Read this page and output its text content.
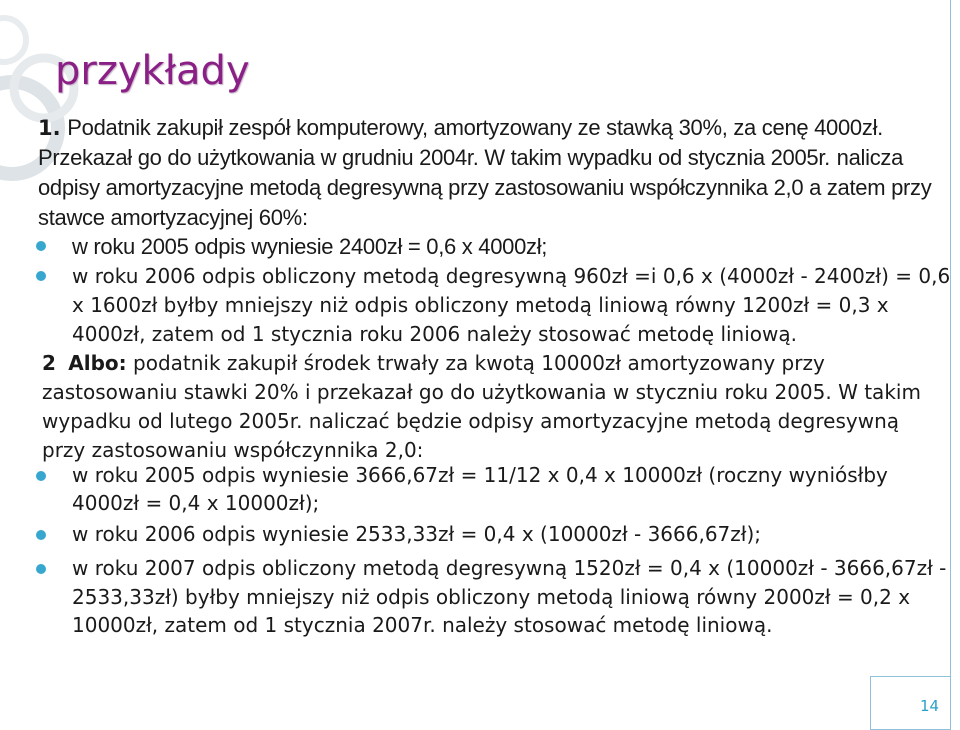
14
przykłady
1. Podatnik zakupił zespół komputerowy, amortyzowany ze stawką 30%, za cenę 4000zł. Przekazał go do użytkowania w grudniu 2004r. W takim wypadku od stycznia 2005r. nalicza odpisy amortyzacyjne metodą degresywną przy zastosowaniu współczynnika 2,0 a zatem przy stawce amortyzacyjnej 60%:
w roku 2005 odpis wyniesie 2400zł = 0,6 x 4000zł;
w roku 2006 odpis obliczony metodą degresywną 960zł =i 0,6 x (4000zł - 2400zł) = 0,6 x 1600zł byłby mniejszy niż odpis obliczony metodą liniową równy 1200zł = 0,3 x 4000zł, zatem od 1 stycznia roku 2006 należy stosować metodę liniową.
2 Albo: podatnik zakupił środek trwały za kwotą 10000zł amortyzowany przy zastosowaniu stawki 20% i przekazał go do użytkowania w styczniu roku 2005. W takim wypadku od lutego 2005r. naliczać będzie odpisy amortyzacyjne metodą degresywną przy zastosowaniu współczynnika 2,0:
w roku 2005 odpis wyniesie 3666,67zł = 11/12 x 0,4 x 10000zł (roczny wyniósłby 4000zł = 0,4 x 10000zł);
w roku 2006 odpis wyniesie 2533,33zł = 0,4 x (10000zł - 3666,67zł);
w roku 2007 odpis obliczony metodą degresywną 1520zł = 0,4 x (10000zł - 3666,67zł - 2533,33zł) byłby mniejszy niż odpis obliczony metodą liniową równy 2000zł = 0,2 x 10000zł, zatem od 1 stycznia 2007r. należy stosować metodę liniową.
